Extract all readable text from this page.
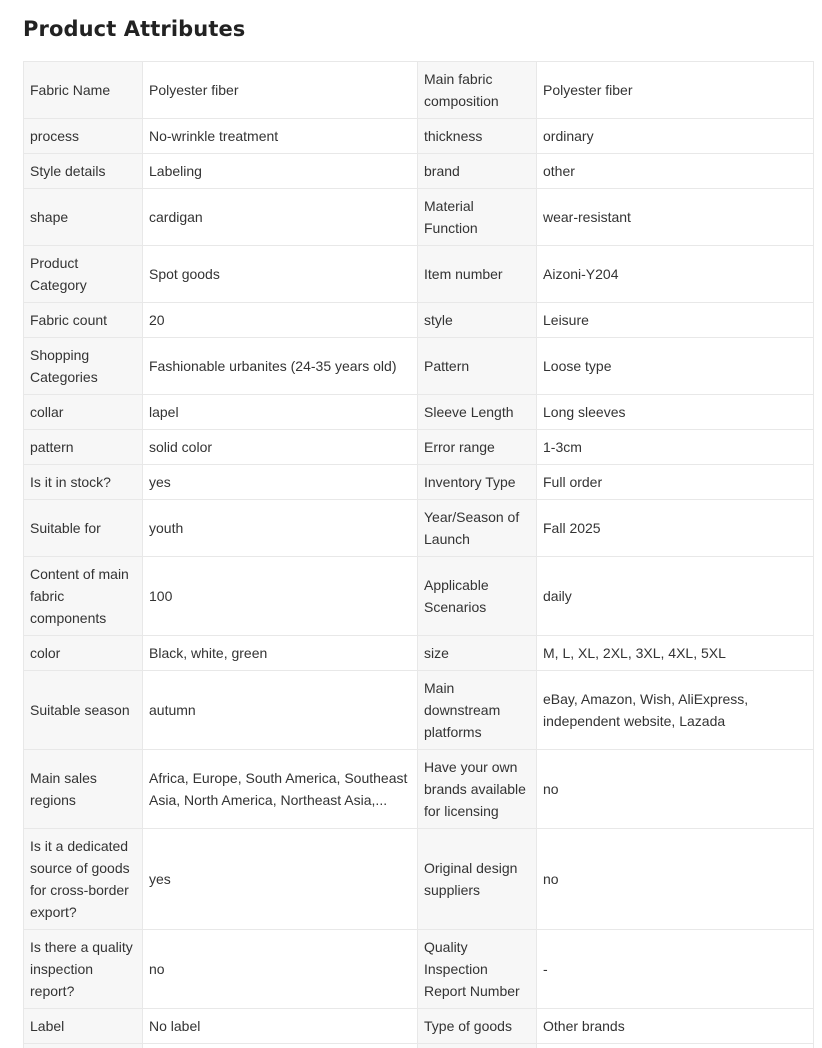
Product Attributes
Fabric Name	Polyester fiber	Main fabric composition	Polyester fiber
process	No-wrinkle treatment	thickness	ordinary
Style details	Labeling	brand	other
shape	cardigan	Material Function	wear-resistant
Product Category	Spot goods	Item number	Aizoni-Y204
Fabric count	20	style	Leisure
Shopping Categories	Fashionable urbanites (24-35 years old)	Pattern	Loose type
collar	lapel	Sleeve Length	Long sleeves
pattern	solid color	Error range	1-3cm
Is it in stock?	yes	Inventory Type	Full order
Suitable for	youth	Year/Season of Launch	Fall 2025
Content of main fabric components	100	Applicable Scenarios	daily
color	Black, white, green	size	M, L, XL, 2XL, 3XL, 4XL, 5XL
Suitable season	autumn	Main downstream platforms	eBay, Amazon, Wish, AliExpress, independent website, Lazada
Main sales regions	Africa, Europe, South America, Southeast Asia, North America, Northeast Asia,...	Have your own brands available for licensing	no
Is it a dedicated source of goods for cross-border export?	yes	Original design suppliers	no
Is there a quality inspection report?	no	Quality Inspection Report Number	-
Label	No label	Type of goods	Other brands
